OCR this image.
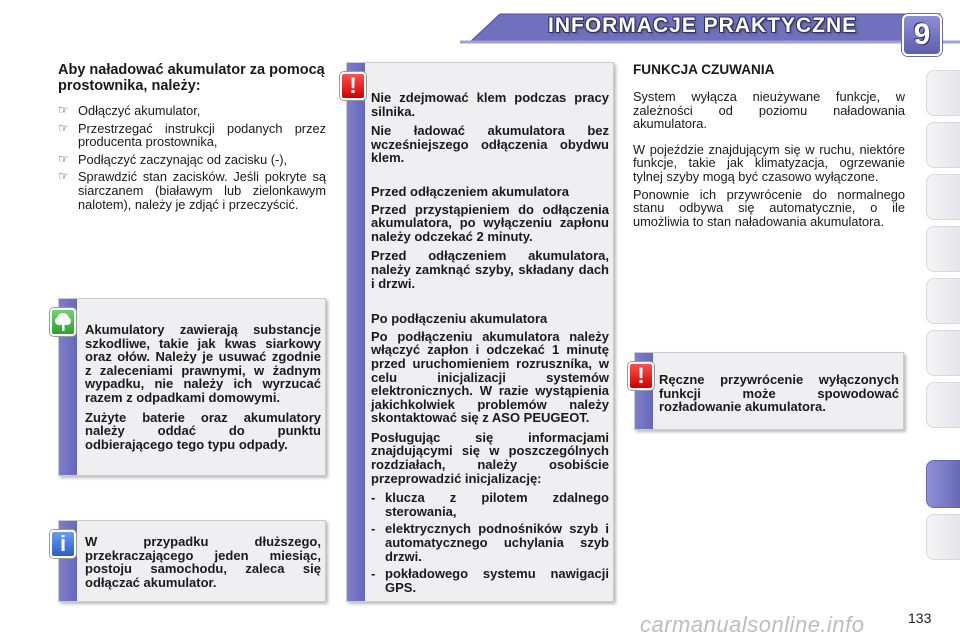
INFORMACJE PRAKTYCZNE	9
Aby naładować akumulator za pomocą prostownika, należy:
☞ Odłączyć akumulator,
☞ Przestrzegać instrukcji podanych przez producenta prostownika,
☞ Podłączyć zaczynając od zacisku (-),
☞ Sprawdzić stan zacisków. Jeśli pokryte są siarczanem (białawym lub zielonkawym nalotem), należy je zdjąć i przeczyścić.

Akumulatory zawierają substancje szkodliwe, takie jak kwas siarkowy oraz ołów. Należy je usuwać zgodnie z zaleceniami prawnymi, w żadnym wypadku, nie należy ich wyrzucać razem z odpadkami domowymi.

Zużyte baterie oraz akumulatory należy oddać do punktu odbierającego tego typu odpady.

W przypadku dłuższego, przekraczającego jeden miesiąc, postoju samochodu, zaleca się odłączać akumulator.
i

Nie zdejmować klem podczas pracy silnika.

Nie ładować akumulatora bez wcześniejszego odłączenia obydwu klem.

Przed odłączeniem akumulatora

Przed przystąpieniem do odłączenia akumulatora, po wyłączeniu zapłonu należy odczekać 2 minuty.

Przed odłączeniem akumulatora, należy zamknąć szyby, składany dach i drzwi.

Po podłączeniu akumulatora

Po podłączeniu akumulatora należy włączyć zapłon i odczekać 1 minutę przed uruchomieniem rozruszníka, w celu inicjalizacji systemów elektronicznych. W razie wystąpienia jakichkolwiek problemów należy skontaktować się z ASO PEUGEOT.

Posługując się informacjami znajdującymi się w poszczególnych rozdziałach, należy osobiście przeprowadzić inicjalizację:

- klucza z pilotem zdalnego sterowania,
- elektrycznych podnośników szyb i automatycznego uchylania szyb drzwi.
- pokładowego systemu nawigacji GPS.
!
FUNKCJA CZUWANIA

System wyłącza nieużywane funkcje, w zależności od poziomu naładowania akumulatora.

W pojeździe znajdującym się w ruchu, niektóre funkcje, takie jak klimatyzacja, ogrzewanie tylnej szyby mogą być czasowo wyłączone.

Ponownie ich przywrócenie do normalnego stanu odbywa się automatycznie, o ile umożliwia to stan naładowania akumulatora.

Ręczne przywrócenie wyłączonych funkcji może spowodować rozładowanie akumulatora.
!
carmanualsonline.info	133
